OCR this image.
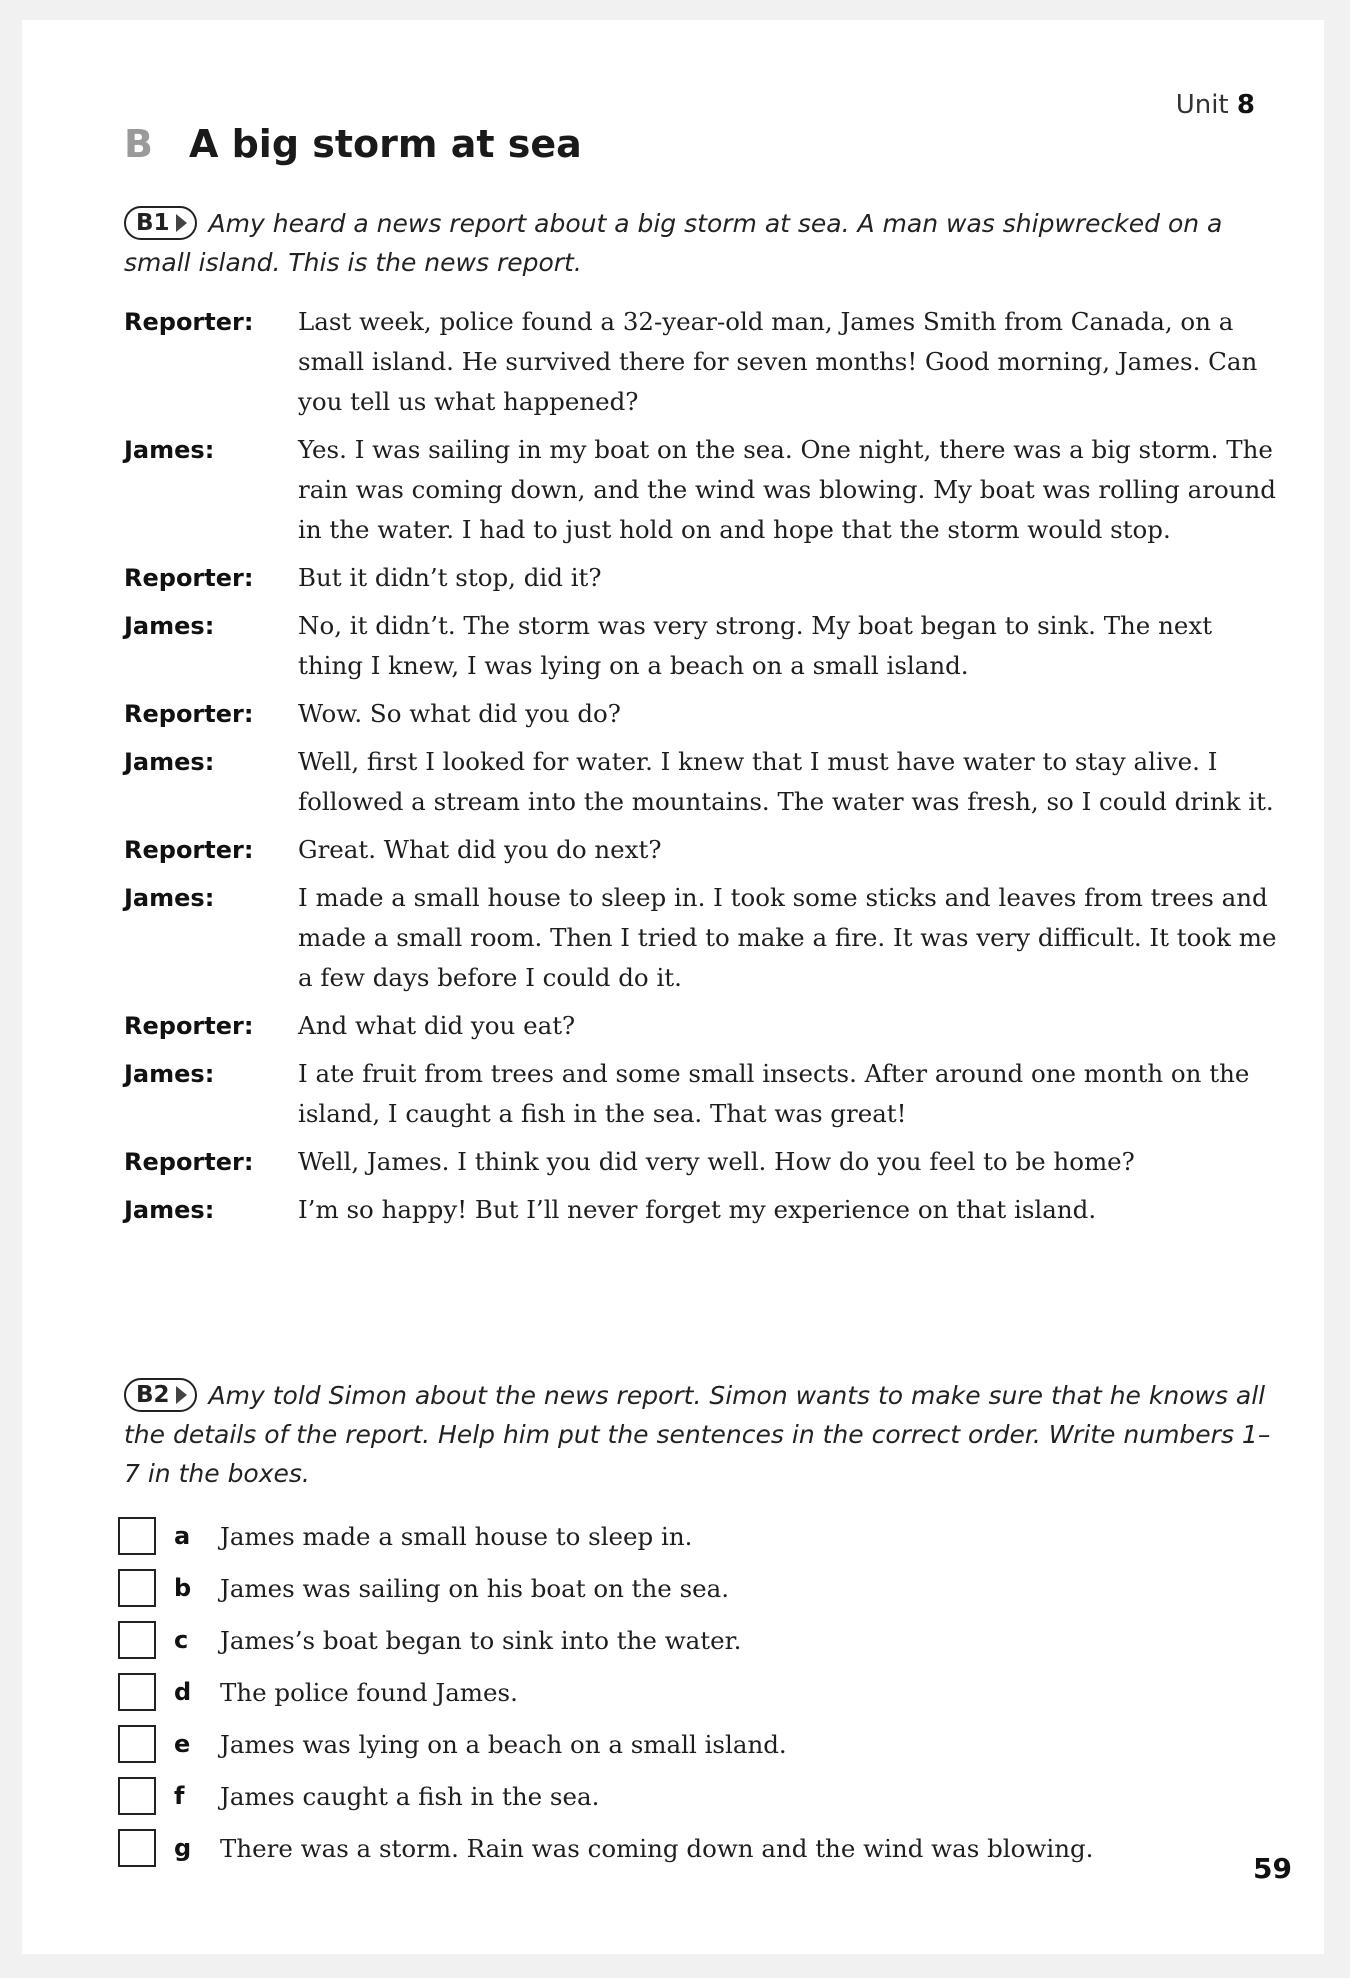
Unit 8
B A big storm at sea
B1 Amy heard a news report about a big storm at sea. A man was shipwrecked on a small island. This is the news report.
Reporter:	Last week, police found a 32-year-old man, James Smith from Canada, on a small island. He survived there for seven months! Good morning, James. Can you tell us what happened?
James:	Yes. I was sailing in my boat on the sea. One night, there was a big storm. The rain was coming down, and the wind was blowing. My boat was rolling around in the water. I had to just hold on and hope that the storm would stop.
Reporter:	But it didn’t stop, did it?
James:	No, it didn’t. The storm was very strong. My boat began to sink. The next thing I knew, I was lying on a beach on a small island.
Reporter:	Wow. So what did you do?
James:	Well, first I looked for water. I knew that I must have water to stay alive. I followed a stream into the mountains. The water was fresh, so I could drink it.
Reporter:	Great. What did you do next?
James:	I made a small house to sleep in. I took some sticks and leaves from trees and made a small room. Then I tried to make a fire. It was very difficult. It took me a few days before I could do it.
Reporter:	And what did you eat?
James:	I ate fruit from trees and some small insects. After around one month on the island, I caught a fish in the sea. That was great!
Reporter:	Well, James. I think you did very well. How do you feel to be home?
James:	I’m so happy! But I’ll never forget my experience on that island.
B2 Amy told Simon about the news report. Simon wants to make sure that he knows all the details of the report. Help him put the sentences in the correct order. Write numbers 1–7 in the boxes.
a	James made a small house to sleep in.
b	James was sailing on his boat on the sea.
c	James’s boat began to sink into the water.
d	The police found James.
e	James was lying on a beach on a small island.
f	James caught a fish in the sea.
g	There was a storm. Rain was coming down and the wind was blowing.
59
